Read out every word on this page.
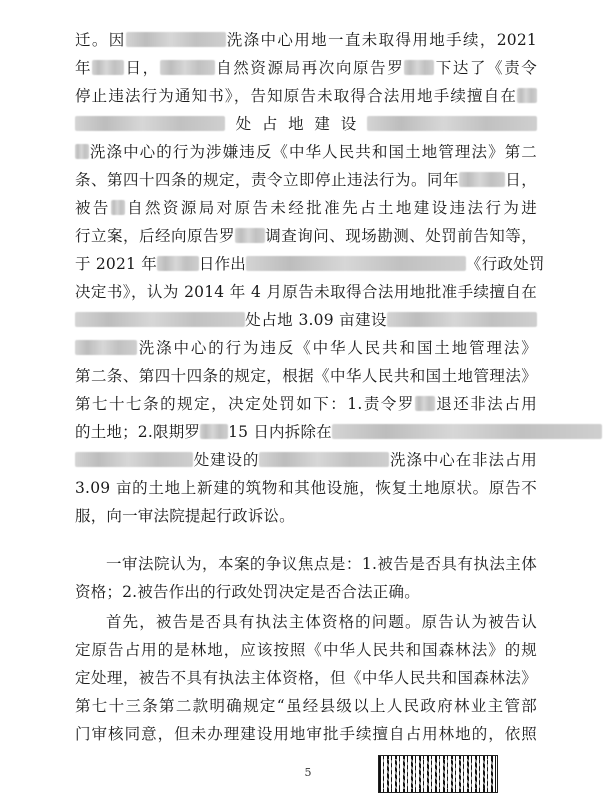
迁。因	洗涤中心用地一直未取得用地手续，2021
年 日，	自然资源局再次向原告罗 下达了《责令
停止违法行为通知书》，告知原告未取得合法用地手续擅自在
处占地建设
洗涤中心的行为涉嫌违反《中华人民共和国土地管理法》第二
条、第四十四条的规定，责令立即停止违法行为。同年	日，
被告 自然资源局对原告未经批准先占土地建设违法行为进
行立案，后经向原告罗 调查询问、现场勘测、处罚前告知等，
于 2021 年	日作出	《行政处罚
决定书》，认为 2014 年 4 月原告未取得合法用地批准手续擅自在
处占地 3.09 亩建设
洗涤中心的行为违反《中华人民共和国土地管理法》
第二条、第四十四条的规定，根据《中华人民共和国土地管理法》
第七十七条的规定，决定处罚如下：1.责令罗 退还非法占用
的土地；2.限期罗 15 日内拆除在
处建设的	洗涤中心在非法占用
3.09 亩的土地上新建的筑物和其他设施，恢复土地原状。原告不
服，向一审法院提起行政诉讼。
一审法院认为，本案的争议焦点是：1.被告是否具有执法主体
资格；2.被告作出的行政处罚决定是否合法正确。
首先，被告是否具有执法主体资格的问题。原告认为被告认
定原告占用的是林地，应该按照《中华人民共和国森林法》的规
定处理，被告不具有执法主体资格，但《中华人民共和国森林法》
第七十三条第二款明确规定“虽经县级以上人民政府林业主管部
门审核同意，但未办理建设用地审批手续擅自占用林地的，依照
5
